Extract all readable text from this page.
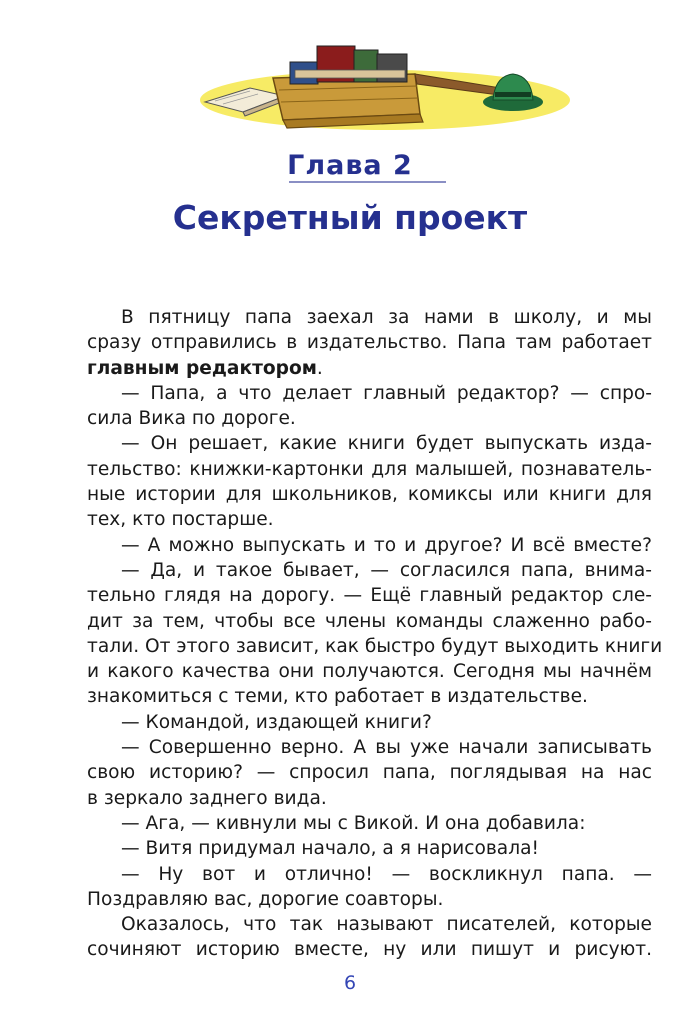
Глава 2
Секретный проект
В пятницу папа заехал за нами в школу, и мы
сразу отправились в издательство. Папа там работает
главным редактором.
— Папа, а что делает главный редактор? — спро-
сила Вика по дороге.
— Он решает, какие книги будет выпускать изда-
тельство: книжки-картонки для малышей, познаватель-
ные истории для школьников, комиксы или книги для
тех, кто постарше.
— А можно выпускать и то и другое? И всё вместе?
— Да, и такое бывает, — согласился папа, внима-
тельно глядя на дорогу. — Ещё главный редактор сле-
дит за тем, чтобы все члены команды слаженно рабо-
тали. От этого зависит, как быстро будут выходить книги
и какого качества они получаются. Сегодня мы начнём
знакомиться с теми, кто работает в издательстве.
— Командой, издающей книги?
— Совершенно верно. А вы уже начали записывать
свою историю? — спросил папа, поглядывая на нас
в зеркало заднего вида.
— Ага, — кивнули мы с Викой. И она добавила:
— Витя придумал начало, а я нарисовала!
— Ну вот и отлично! — воскликнул папа. —
Поздравляю вас, дорогие соавторы.
Оказалось, что так называют писателей, которые
сочиняют историю вместе, ну или пишут и рисуют.
6
